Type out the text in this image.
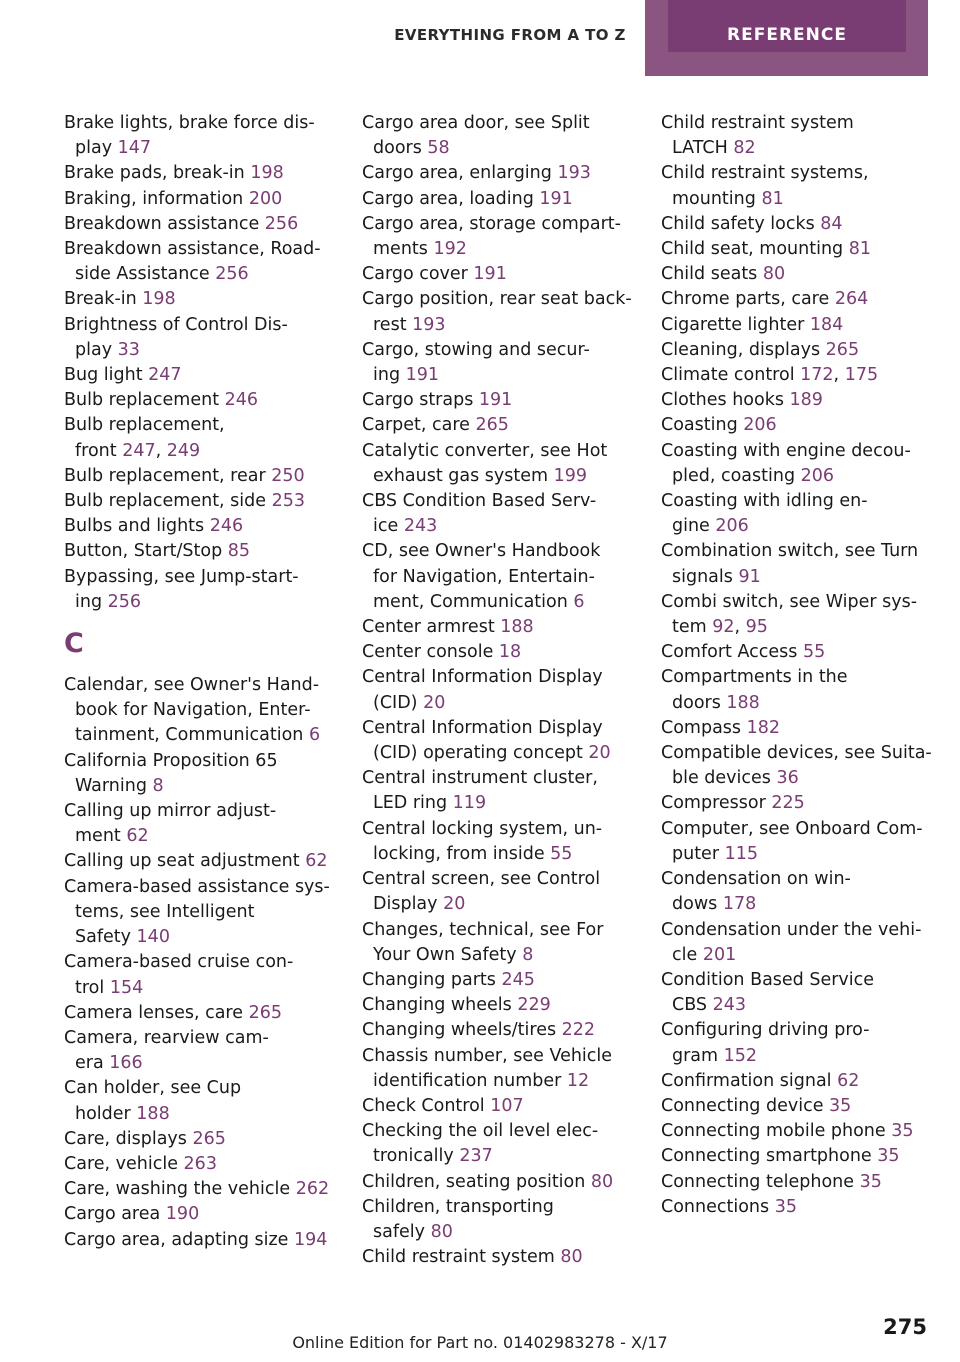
EVERYTHING FROM A TO Z	REFERENCE
Brake lights, brake force dis-
play 147
Brake pads, break-in 198
Braking, information 200
Breakdown assistance 256
Breakdown assistance, Road-
side Assistance 256
Break-in 198
Brightness of Control Dis-
play 33
Bug light 247
Bulb replacement 246
Bulb replacement,
front 247, 249
Bulb replacement, rear 250
Bulb replacement, side 253
Bulbs and lights 246
Button, Start/Stop 85
Bypassing, see Jump-start-
ing 256
C
Calendar, see Owner's Hand-
book for Navigation, Enter-
tainment, Communication 6
California Proposition 65
Warning 8
Calling up mirror adjust-
ment 62
Calling up seat adjustment 62
Camera-based assistance sys-
tems, see Intelligent
Safety 140
Camera-based cruise con-
trol 154
Camera lenses, care 265
Camera, rearview cam-
era 166
Can holder, see Cup
holder 188
Care, displays 265
Care, vehicle 263
Care, washing the vehicle 262
Cargo area 190
Cargo area, adapting size 194
Cargo area door, see Split
doors 58
Cargo area, enlarging 193
Cargo area, loading 191
Cargo area, storage compart-
ments 192
Cargo cover 191
Cargo position, rear seat back-
rest 193
Cargo, stowing and secur-
ing 191
Cargo straps 191
Carpet, care 265
Catalytic converter, see Hot
exhaust gas system 199
CBS Condition Based Serv-
ice 243
CD, see Owner's Handbook
for Navigation, Entertain-
ment, Communication 6
Center armrest 188
Center console 18
Central Information Display
(CID) 20
Central Information Display
(CID) operating concept 20
Central instrument cluster,
LED ring 119
Central locking system, un-
locking, from inside 55
Central screen, see Control
Display 20
Changes, technical, see For
Your Own Safety 8
Changing parts 245
Changing wheels 229
Changing wheels/tires 222
Chassis number, see Vehicle
identification number 12
Check Control 107
Checking the oil level elec-
tronically 237
Children, seating position 80
Children, transporting
safely 80
Child restraint system 80
Child restraint system
LATCH 82
Child restraint systems,
mounting 81
Child safety locks 84
Child seat, mounting 81
Child seats 80
Chrome parts, care 264
Cigarette lighter 184
Cleaning, displays 265
Climate control 172, 175
Clothes hooks 189
Coasting 206
Coasting with engine decou-
pled, coasting 206
Coasting with idling en-
gine 206
Combination switch, see Turn
signals 91
Combi switch, see Wiper sys-
tem 92, 95
Comfort Access 55
Compartments in the
doors 188
Compass 182
Compatible devices, see Suita-
ble devices 36
Compressor 225
Computer, see Onboard Com-
puter 115
Condensation on win-
dows 178
Condensation under the vehi-
cle 201
Condition Based Service
CBS 243
Configuring driving pro-
gram 152
Confirmation signal 62
Connecting device 35
Connecting mobile phone 35
Connecting smartphone 35
Connecting telephone 35
Connections 35
275
Online Edition for Part no. 01402983278 - X/17
